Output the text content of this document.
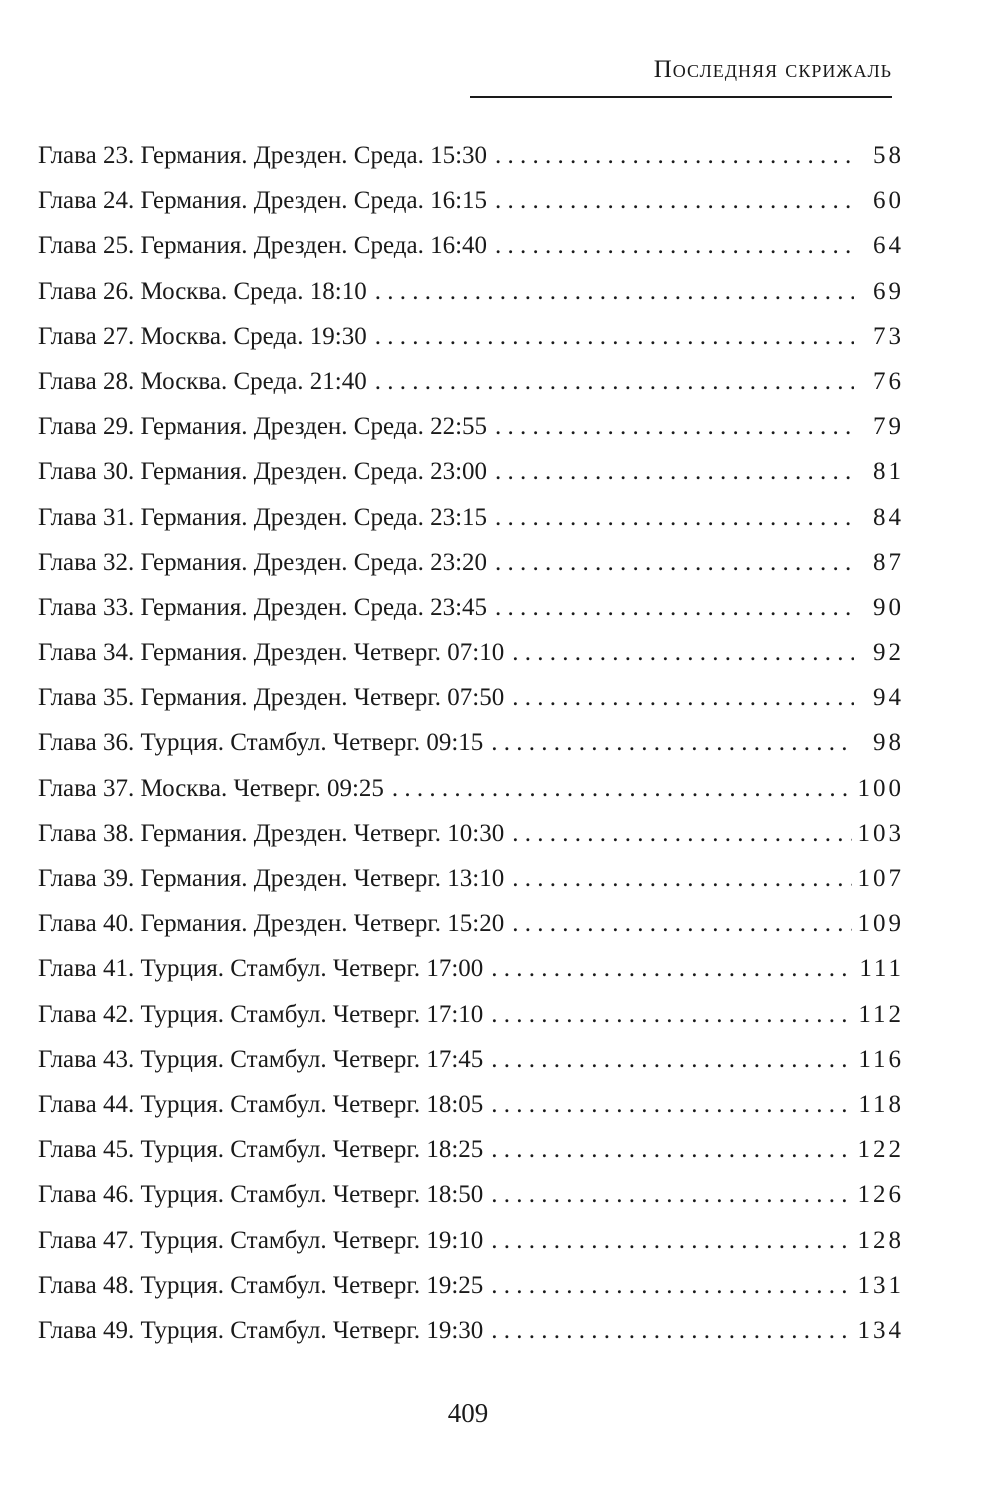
Последняя скрижаль
Глава 23. Германия. Дрезден. Среда. 15:30 . . .	58
Глава 24. Германия. Дрезден. Среда. 16:15 . . .	60
Глава 25. Германия. Дрезден. Среда. 16:40 . . .	64
Глава 26. Москва. Среда. 18:10 . . .	69
Глава 27. Москва. Среда. 19:30 . . .	73
Глава 28. Москва. Среда. 21:40 . . .	76
Глава 29. Германия. Дрезден. Среда. 22:55 . . .	79
Глава 30. Германия. Дрезден. Среда. 23:00 . . .	81
Глава 31. Германия. Дрезден. Среда. 23:15 . . .	84
Глава 32. Германия. Дрезден. Среда. 23:20 . . .	87
Глава 33. Германия. Дрезден. Среда. 23:45 . . .	90
Глава 34. Германия. Дрезден. Четверг. 07:10 . . .	92
Глава 35. Германия. Дрезден. Четверг. 07:50 . . .	94
Глава 36. Турция. Стамбул. Четверг. 09:15 . . .	98
Глава 37. Москва. Четверг. 09:25 . . .	100
Глава 38. Германия. Дрезден. Четверг. 10:30 . . .	103
Глава 39. Германия. Дрезден. Четверг. 13:10 . . .	107
Глава 40. Германия. Дрезден. Четверг. 15:20 . . .	109
Глава 41. Турция. Стамбул. Четверг. 17:00 . . .	111
Глава 42. Турция. Стамбул. Четверг. 17:10 . . .	112
Глава 43. Турция. Стамбул. Четверг. 17:45 . . .	116
Глава 44. Турция. Стамбул. Четверг. 18:05 . . .	118
Глава 45. Турция. Стамбул. Четверг. 18:25 . . .	122
Глава 46. Турция. Стамбул. Четверг. 18:50 . . .	126
Глава 47. Турция. Стамбул. Четверг. 19:10 . . .	128
Глава 48. Турция. Стамбул. Четверг. 19:25 . . .	131
Глава 49. Турция. Стамбул. Четверг. 19:30 . . .	134
409
